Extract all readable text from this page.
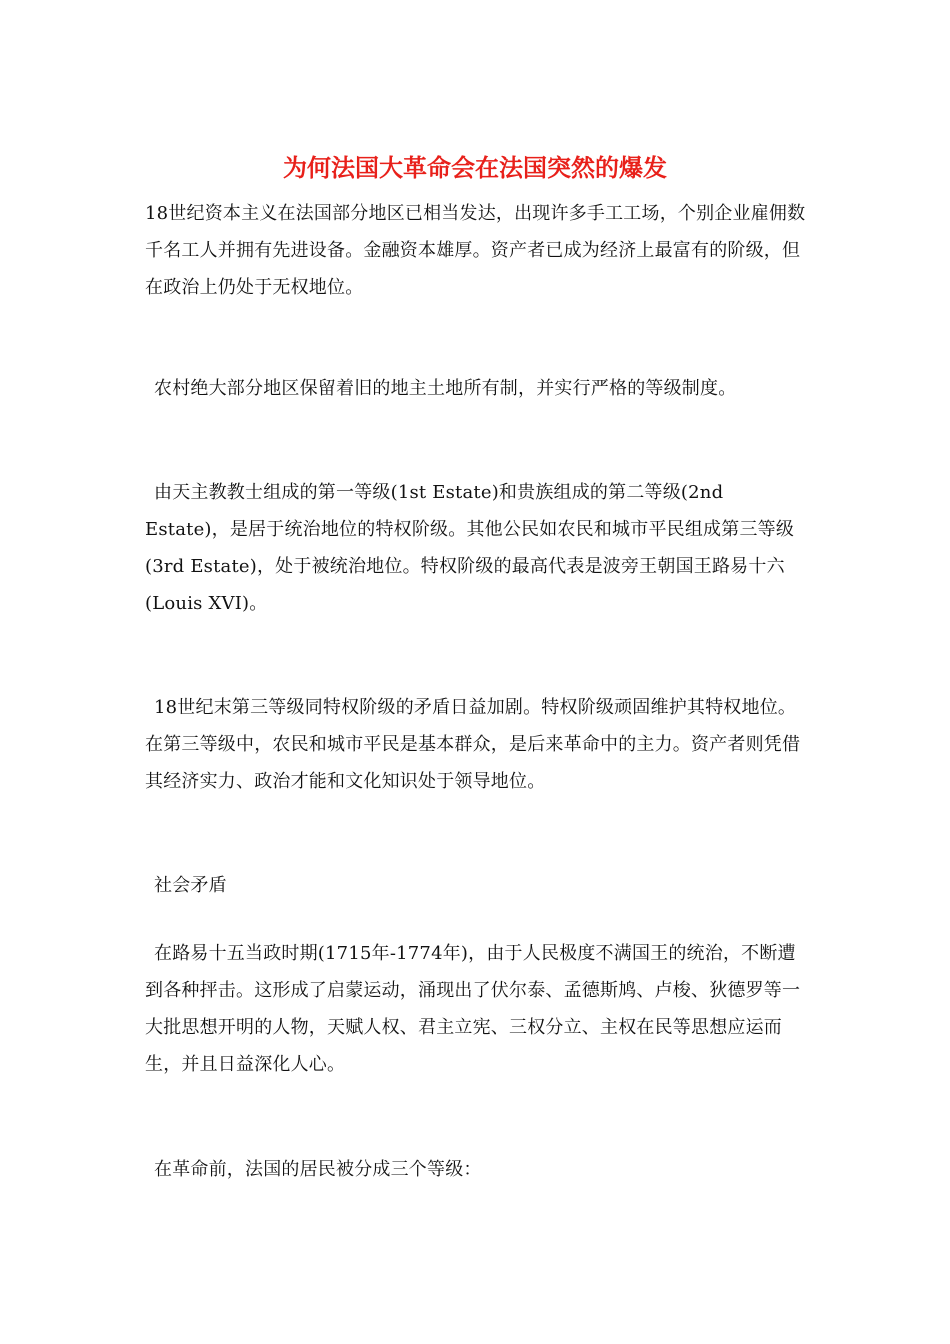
为何法国大革命会在法国突然的爆发

18世纪资本主义在法国部分地区已相当发达，出现许多手工工场，个别企业雇佣数千名工人并拥有先进设备。金融资本雄厚。资产者已成为经济上最富有的阶级，但在政治上仍处于无权地位。

农村绝大部分地区保留着旧的地主土地所有制，并实行严格的等级制度。

由天主教教士组成的第一等级(1st Estate)和贵族组成的第二等级(2nd Estate)，是居于统治地位的特权阶级。其他公民如农民和城市平民组成第三等级(3rd Estate)，处于被统治地位。特权阶级的最高代表是波旁王朝国王路易十六(Louis XVI)。

18世纪末第三等级同特权阶级的矛盾日益加剧。特权阶级顽固维护其特权地位。在第三等级中，农民和城市平民是基本群众，是后来革命中的主力。资产者则凭借其经济实力、政治才能和文化知识处于领导地位。

社会矛盾

在路易十五当政时期(1715年-1774年)，由于人民极度不满国王的统治，不断遭到各种抨击。这形成了启蒙运动，涌现出了伏尔泰、孟德斯鸠、卢梭、狄德罗等一大批思想开明的人物，天赋人权、君主立宪、三权分立、主权在民等思想应运而生，并且日益深化人心。

在革命前，法国的居民被分成三个等级：
